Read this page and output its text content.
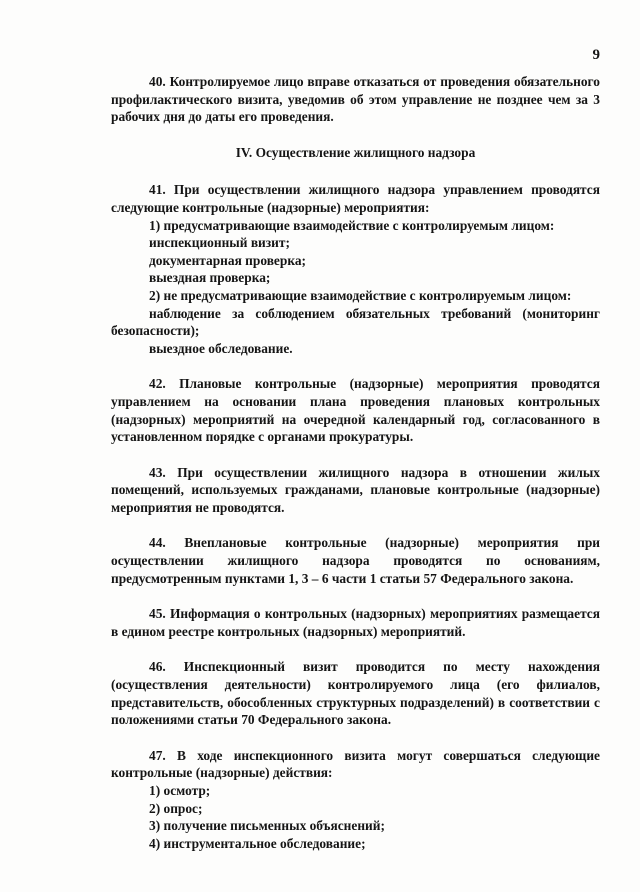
9

40. Контролируемое лицо вправе отказаться от проведения обязательного профилактического визита, уведомив об этом управление не позднее чем за 3 рабочих дня до даты его проведения.

IV. Осуществление жилищного надзора

41. При осуществлении жилищного надзора управлением проводятся следующие контрольные (надзорные) мероприятия:

1) предусматривающие взаимодействие с контролируемым лицом:

инспекционный визит;

документарная проверка;

выездная проверка;

2) не предусматривающие взаимодействие с контролируемым лицом:

наблюдение за соблюдением обязательных требований (мониторинг безопасности);

выездное обследование.

42. Плановые контрольные (надзорные) мероприятия проводятся управлением на основании плана проведения плановых контрольных (надзорных) мероприятий на очередной календарный год, согласованного в установленном порядке с органами прокуратуры.

43. При осуществлении жилищного надзора в отношении жилых помещений, используемых гражданами, плановые контрольные (надзорные) мероприятия не проводятся.

44. Внеплановые контрольные (надзорные) мероприятия при осуществлении жилищного надзора проводятся по основаниям, предусмотренным пунктами 1, 3 – 6 части 1 статьи 57 Федерального закона.

45. Информация о контрольных (надзорных) мероприятиях размещается в едином реестре контрольных (надзорных) мероприятий.

46. Инспекционный визит проводится по месту нахождения (осуществления деятельности) контролируемого лица (его филиалов, представительств, обособленных структурных подразделений) в соответствии с положениями статьи 70 Федерального закона.

47. В ходе инспекционного визита могут совершаться следующие контрольные (надзорные) действия:

1) осмотр;

2) опрос;

3) получение письменных объяснений;

4) инструментальное обследование;
